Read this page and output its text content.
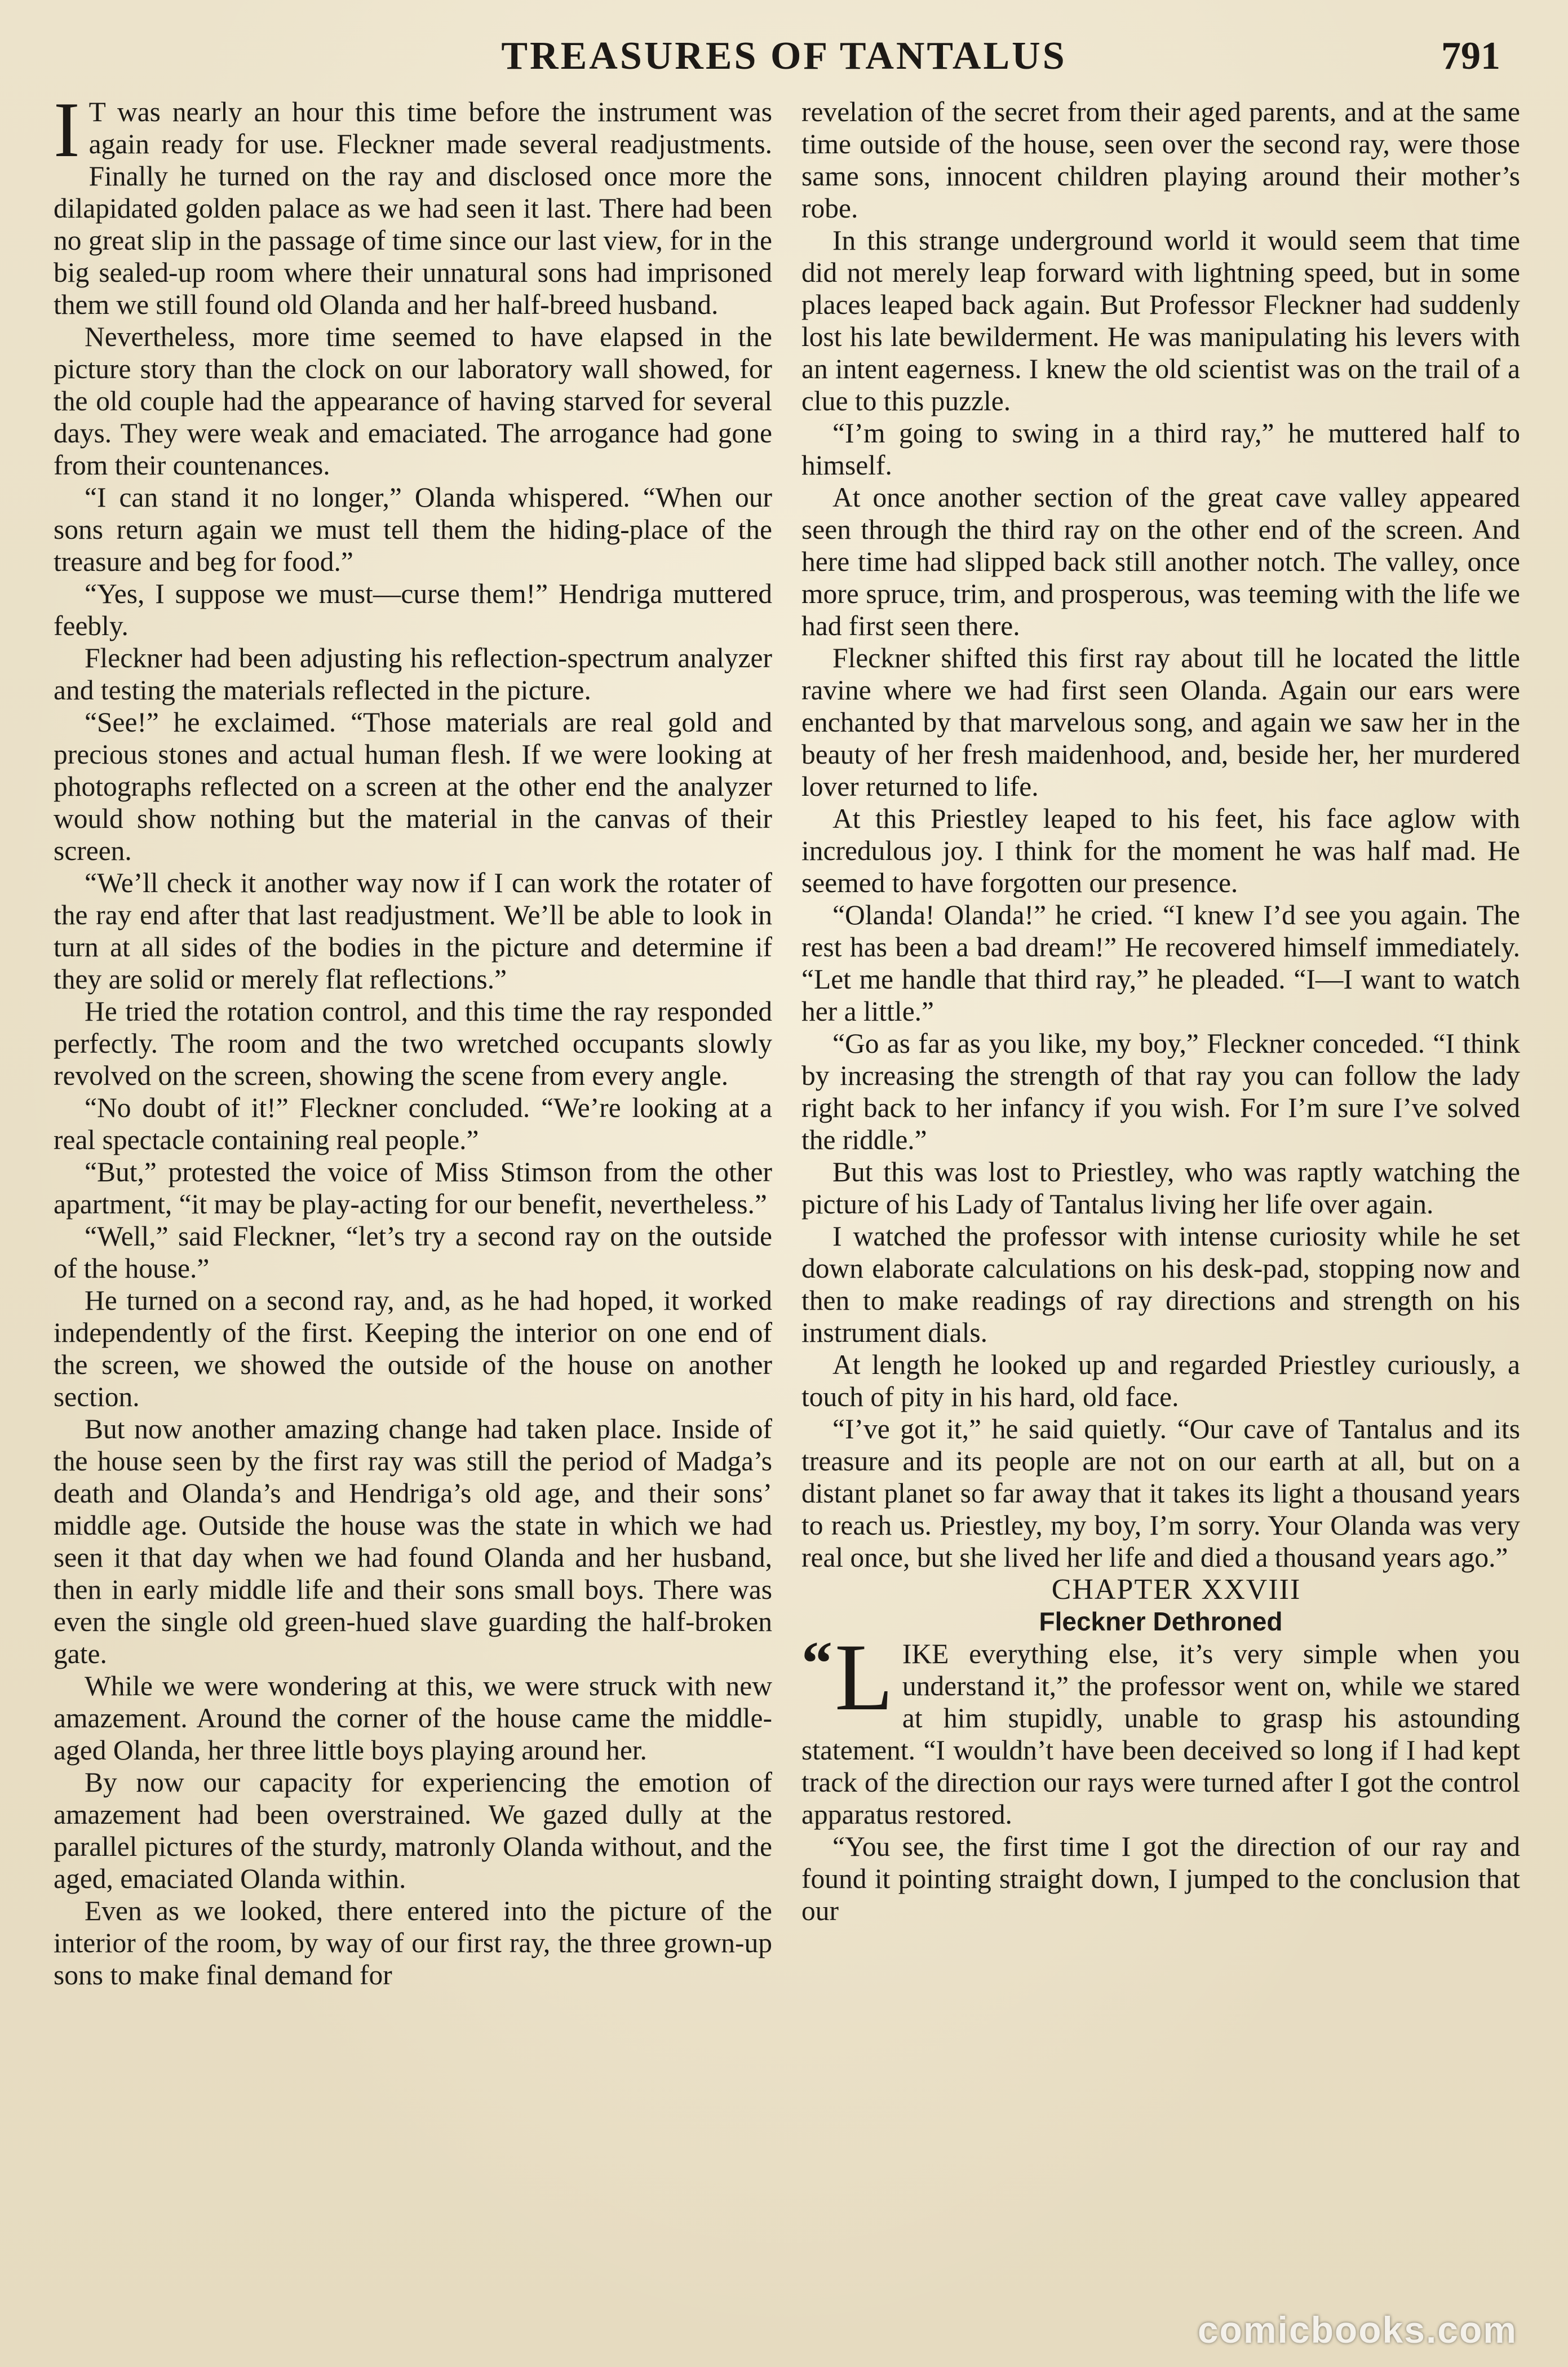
TREASURES OF TANTALUS	791

I T was nearly an hour this time before the instrument was again ready for use. Fleckner made several readjustments. Finally he turned on the ray and disclosed once more the dilapidated golden palace as we had seen it last. There had been no great slip in the passage of time since our last view, for in the big sealed-up room where their unnatural sons had imprisoned them we still found old Olanda and her half-breed husband.

Nevertheless, more time seemed to have elapsed in the picture story than the clock on our laboratory wall showed, for the old couple had the appearance of having starved for several days. They were weak and emaciated. The arrogance had gone from their countenances.

“I can stand it no longer,” Olanda whispered. “When our sons return again we must tell them the hiding-place of the treasure and beg for food.”

“Yes, I suppose we must—curse them!” Hendriga muttered feebly.

Fleckner had been adjusting his reflection-spectrum analyzer and testing the materials reflected in the picture.

“See!” he exclaimed. “Those materials are real gold and precious stones and actual human flesh. If we were looking at photographs reflected on a screen at the other end the analyzer would show nothing but the material in the canvas of their screen.

“We’ll check it another way now if I can work the rotater of the ray end after that last readjustment. We’ll be able to look in turn at all sides of the bodies in the picture and determine if they are solid or merely flat reflections.”

He tried the rotation control, and this time the ray responded perfectly. The room and the two wretched occupants slowly revolved on the screen, showing the scene from every angle.

“No doubt of it!” Fleckner concluded. “We’re looking at a real spectacle containing real people.”

“But,” protested the voice of Miss Stimson from the other apartment, “it may be play-acting for our benefit, nevertheless.”

“Well,” said Fleckner, “let’s try a second ray on the outside of the house.”

He turned on a second ray, and, as he had hoped, it worked independently of the first. Keeping the interior on one end of the screen, we showed the outside of the house on another section.

But now another amazing change had taken place. Inside of the house seen by the first ray was still the period of Madga’s death and Olanda’s and Hendriga’s old age, and their sons’ middle age. Outside the house was the state in which we had seen it that day when we had found Olanda and her husband, then in early middle life and their sons small boys. There was even the single old green-hued slave guarding the half-broken gate.

While we were wondering at this, we were struck with new amazement. Around the corner of the house came the middle-aged Olanda, her three little boys playing around her.

By now our capacity for experiencing the emotion of amazement had been overstrained. We gazed dully at the parallel pictures of the sturdy, matronly Olanda without, and the aged, emaciated Olanda within.

Even as we looked, there entered into the picture of the interior of the room, by way of our first ray, the three grown-up sons to make final demand for

revelation of the secret from their aged parents, and at the same time outside of the house, seen over the second ray, were those same sons, innocent children playing around their mother’s robe.

In this strange underground world it would seem that time did not merely leap forward with lightning speed, but in some places leaped back again. But Professor Fleckner had suddenly lost his late bewilderment. He was manipulating his levers with an intent eagerness. I knew the old scientist was on the trail of a clue to this puzzle.

“I’m going to swing in a third ray,” he muttered half to himself.

At once another section of the great cave valley appeared seen through the third ray on the other end of the screen. And here time had slipped back still another notch. The valley, once more spruce, trim, and prosperous, was teeming with the life we had first seen there.

Fleckner shifted this first ray about till he located the little ravine where we had first seen Olanda. Again our ears were enchanted by that marvelous song, and again we saw her in the beauty of her fresh maidenhood, and, beside her, her murdered lover returned to life.

At this Priestley leaped to his feet, his face aglow with incredulous joy. I think for the moment he was half mad. He seemed to have forgotten our presence.

“Olanda! Olanda!” he cried. “I knew I’d see you again. The rest has been a bad dream!” He recovered himself immediately. “Let me handle that third ray,” he pleaded. “I—I want to watch her a little.”

“Go as far as you like, my boy,” Fleckner conceded. “I think by increasing the strength of that ray you can follow the lady right back to her infancy if you wish. For I’m sure I’ve solved the riddle.”

But this was lost to Priestley, who was raptly watching the picture of his Lady of Tantalus living her life over again.

I watched the professor with intense curiosity while he set down elaborate calculations on his desk-pad, stopping now and then to make readings of ray directions and strength on his instrument dials.

At length he looked up and regarded Priestley curiously, a touch of pity in his hard, old face.

“I’ve got it,” he said quietly. “Our cave of Tantalus and its treasure and its people are not on our earth at all, but on a distant planet so far away that it takes its light a thousand years to reach us. Priestley, my boy, I’m sorry. Your Olanda was very real once, but she lived her life and died a thousand years ago.”

CHAPTER XXVIII

Fleckner Dethroned

“ L IKE everything else, it’s very simple when you understand it,” the professor went on, while we stared at him stupidly, unable to grasp his astounding statement. “I wouldn’t have been deceived so long if I had kept track of the direction our rays were turned after I got the control apparatus restored.

“You see, the first time I got the direction of our ray and found it pointing straight down, I jumped to the conclusion that our

comicbooks.com
